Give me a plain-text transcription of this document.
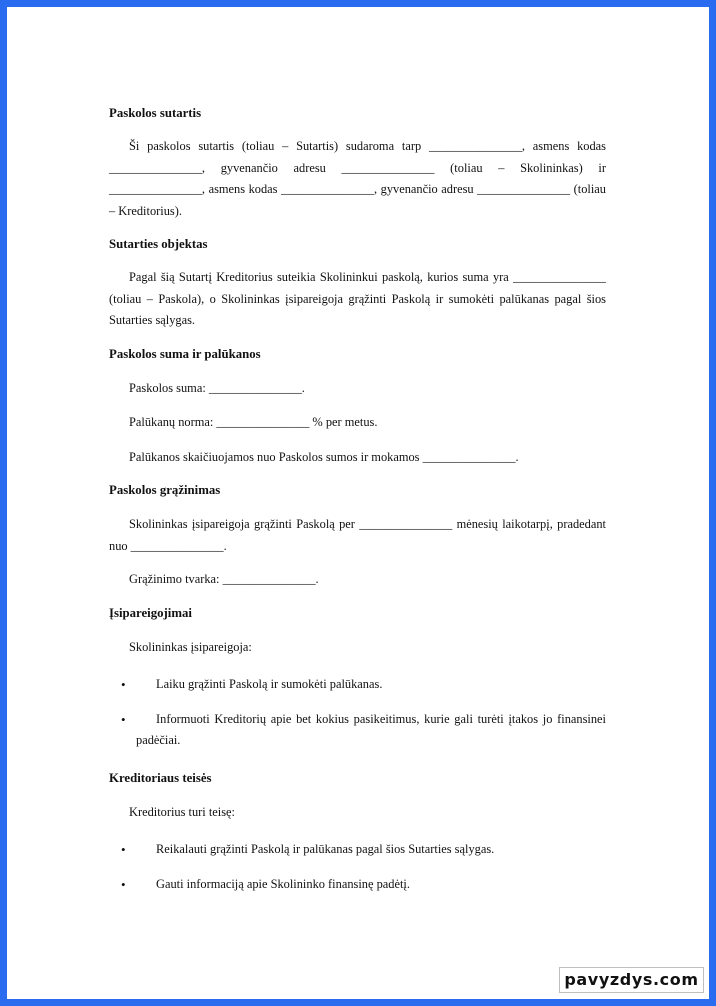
Paskolos sutartis

Ši paskolos sutartis (toliau – Sutartis) sudaroma tarp _______________, asmens kodas _______________, gyvenančio adresu _______________ (toliau – Skolininkas) ir _______________, asmens kodas _______________, gyvenančio adresu _______________ (toliau – Kreditorius).

Sutarties objektas

Pagal šią Sutartį Kreditorius suteikia Skolininkui paskolą, kurios suma yra _______________ (toliau – Paskola), o Skolininkas įsipareigoja grąžinti Paskolą ir sumokėti palūkanas pagal šios Sutarties sąlygas.

Paskolos suma ir palūkanos

Paskolos suma: _______________.

Palūkanų norma: _______________ % per metus.

Palūkanos skaičiuojamos nuo Paskolos sumos ir mokamos _______________.

Paskolos grąžinimas

Skolininkas įsipareigoja grąžinti Paskolą per _______________ mėnesių laikotarpį, pradedant nuo _______________.

Grąžinimo tvarka: _______________.

Įsipareigojimai

Skolininkas įsipareigoja:

• Laiku grąžinti Paskolą ir sumokėti palūkanas.
•	Informuoti Kreditorių apie bet kokius pasikeitimus, kurie gali turėti įtakos jo finansinei padėčiai.
Kreditoriaus teisės

Kreditorius turi teisę:

• Reikalauti grąžinti Paskolą ir palūkanas pagal šios Sutarties sąlygas.
• Gauti informaciją apie Skolininko finansinę padėtį.
pavyzdys.com
